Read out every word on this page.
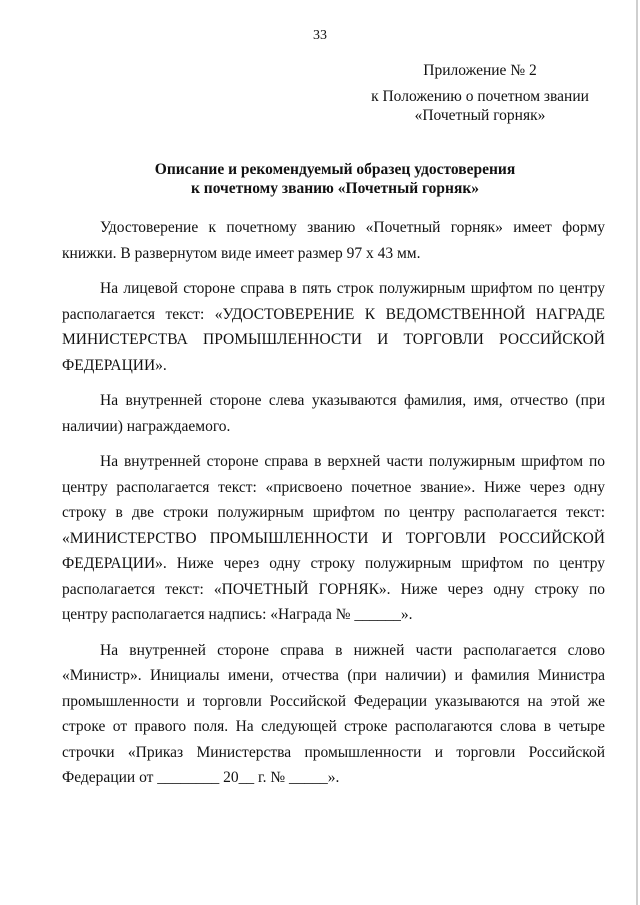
33
Приложение № 2
к Положению о почетном звании
«Почетный горняк»
Описание и рекомендуемый образец удостоверения
к почетному званию «Почетный горняк»

Удостоверение к почетному званию «Почетный горняк» имеет форму книжки. В развернутом виде имеет размер 97 х 43 мм.

На лицевой стороне справа в пять строк полужирным шрифтом по центру располагается текст: «УДОСТОВЕРЕНИЕ К ВЕДОМСТВЕННОЙ НАГРАДЕ МИНИСТЕРСТВА ПРОМЫШЛЕННОСТИ И ТОРГОВЛИ РОССИЙСКОЙ ФЕДЕРАЦИИ».

На внутренней стороне слева указываются фамилия, имя, отчество (при наличии) награждаемого.

На внутренней стороне справа в верхней части полужирным шрифтом по центру располагается текст: «присвоено почетное звание». Ниже через одну строку в две строки полужирным шрифтом по центру располагается текст: «МИНИСТЕРСТВО ПРОМЫШЛЕННОСТИ И ТОРГОВЛИ РОССИЙСКОЙ ФЕДЕРАЦИИ». Ниже через одну строку полужирным шрифтом по центру располагается текст: «ПОЧЕТНЫЙ ГОРНЯК». Ниже через одну строку по центру располагается надпись: «Награда № ______».

На внутренней стороне справа в нижней части располагается слово «Министр». Инициалы имени, отчества (при наличии) и фамилия Министра промышленности и торговли Российской Федерации указываются на этой же строке от правого поля. На следующей строке располагаются слова в четыре строчки «Приказ Министерства промышленности и торговли Российской Федерации от ________ 20__ г. № _____».
